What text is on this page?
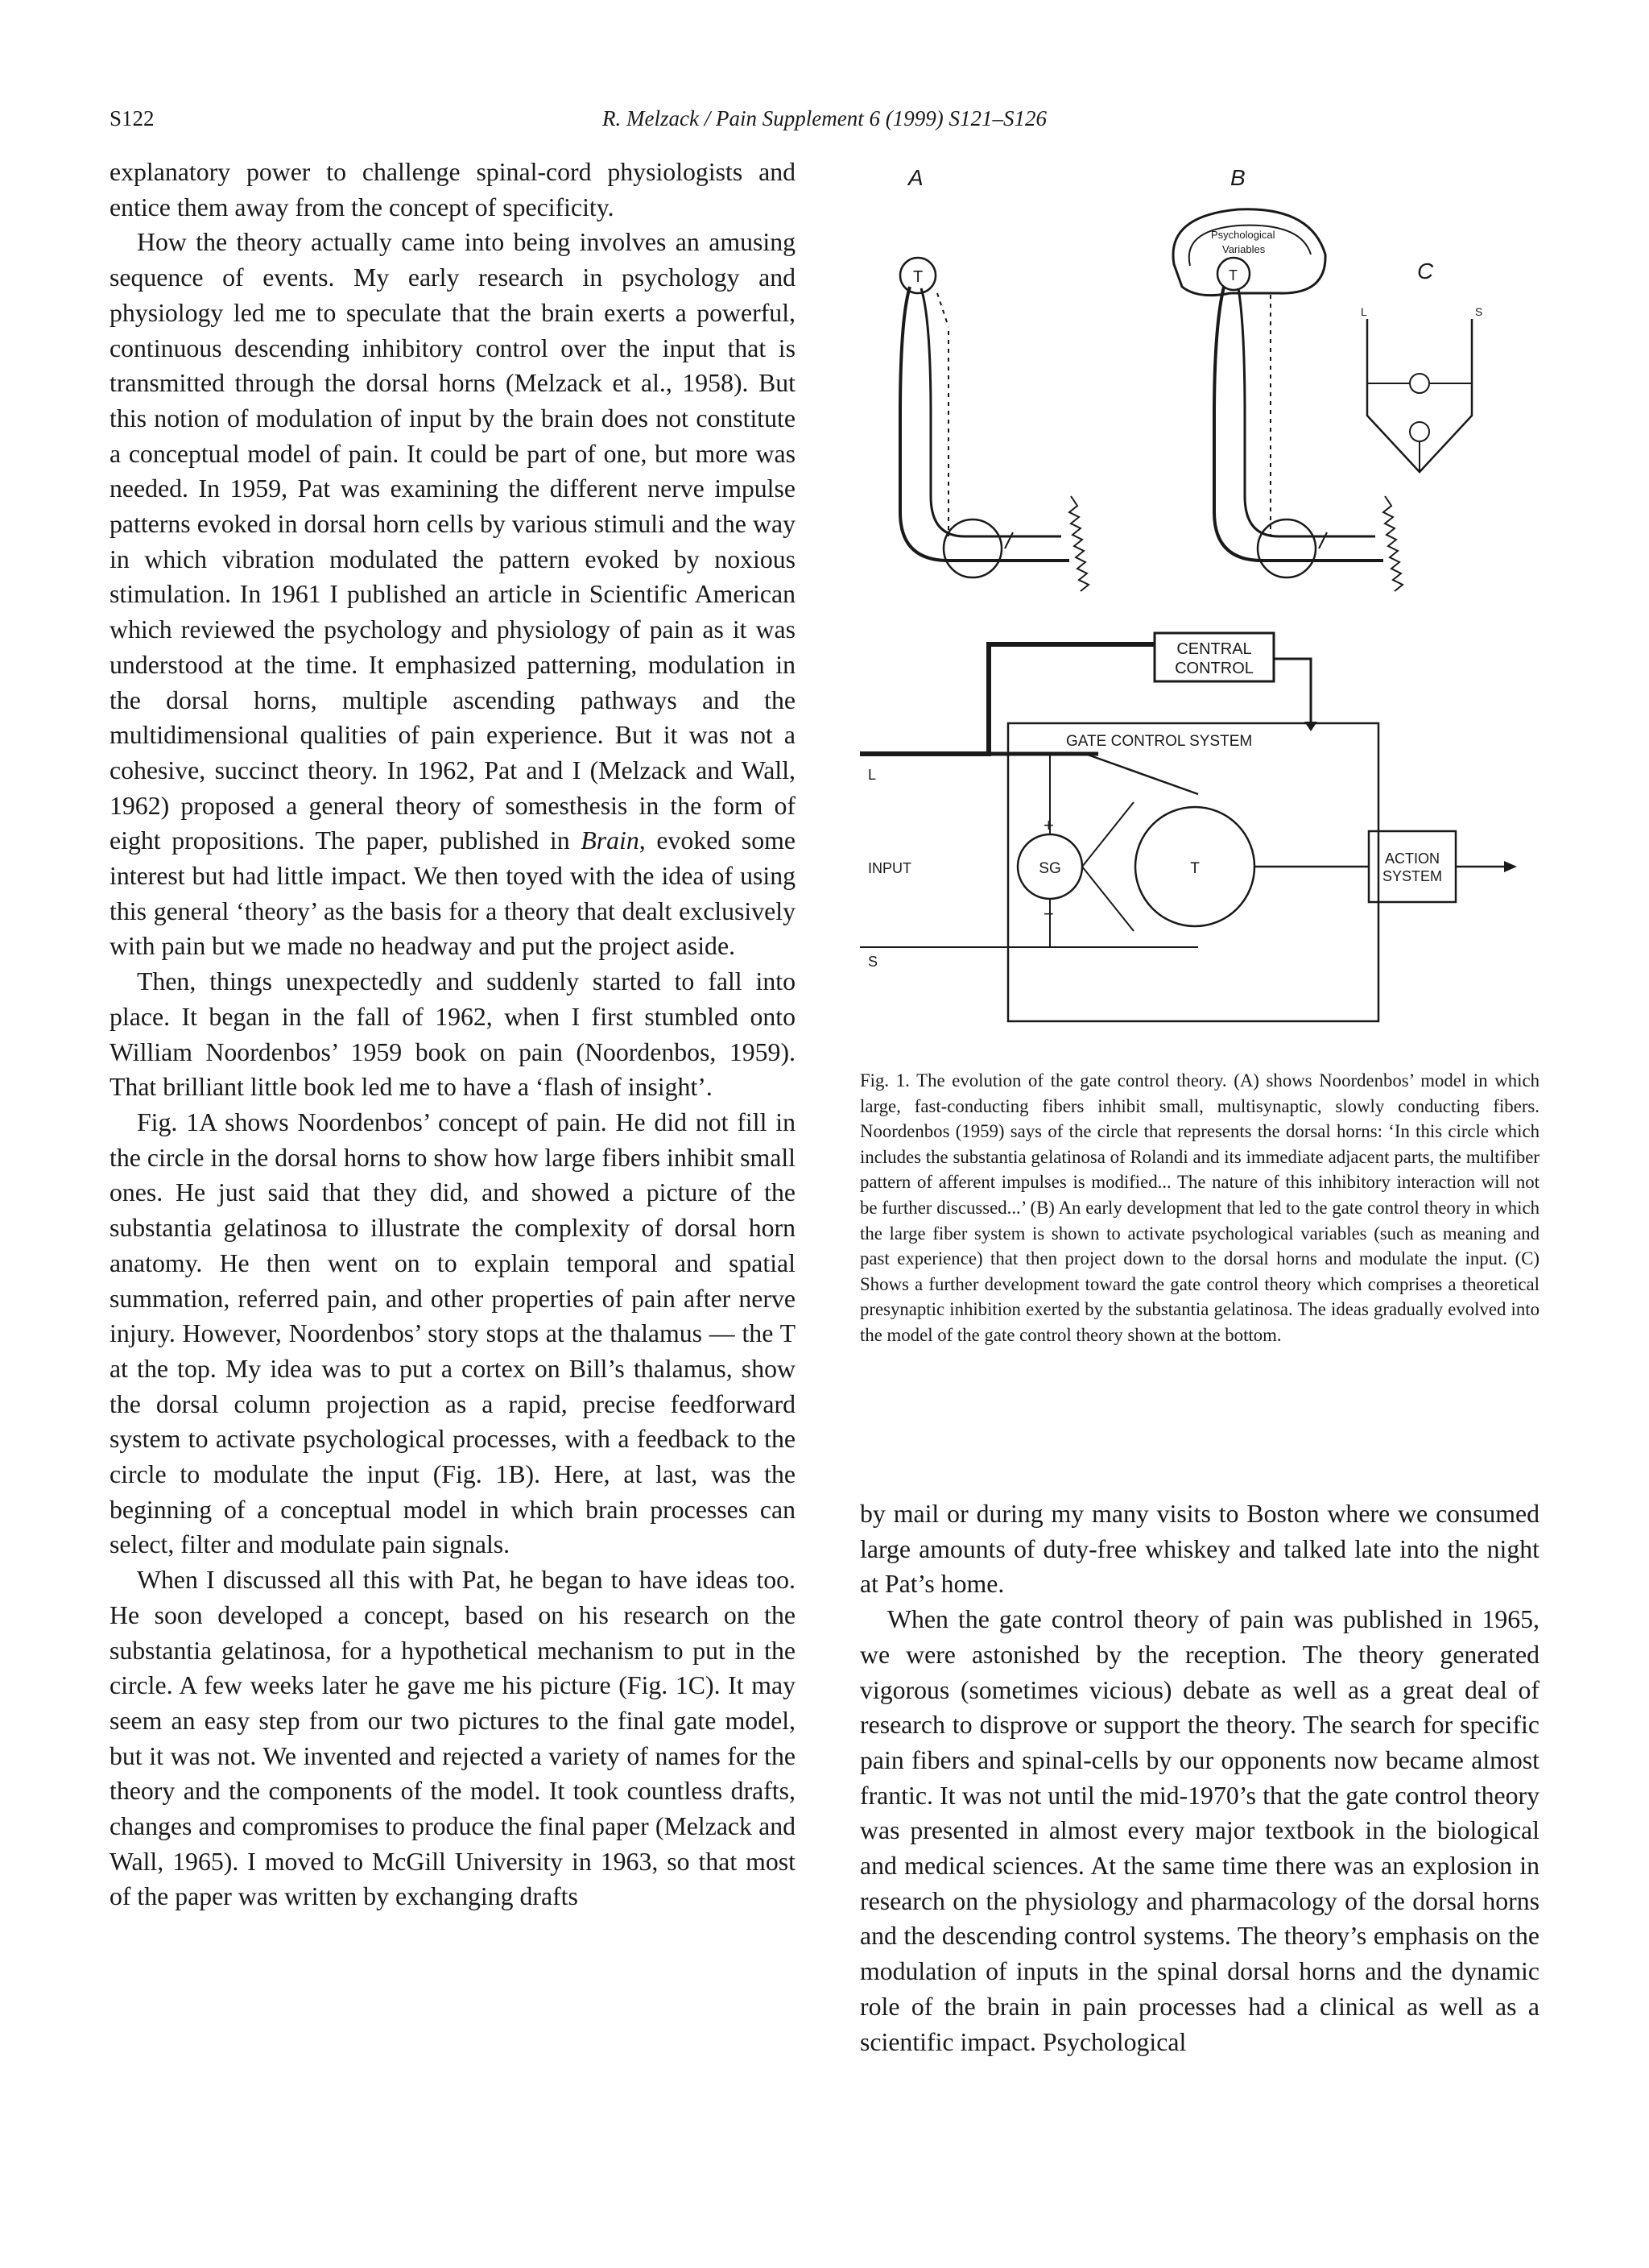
S122	R. Melzack / Pain Supplement 6 (1999) S121–S126

explanatory power to challenge spinal-cord physiologists and entice them away from the concept of specificity.

How the theory actually came into being involves an amusing sequence of events. My early research in psychology and physiology led me to speculate that the brain exerts a powerful, continuous descending inhibitory control over the input that is transmitted through the dorsal horns (Melzack et al., 1958). But this notion of modulation of input by the brain does not constitute a conceptual model of pain. It could be part of one, but more was needed. In 1959, Pat was examining the different nerve impulse patterns evoked in dorsal horn cells by various stimuli and the way in which vibration modulated the pattern evoked by noxious stimulation. In 1961 I published an article in Scientific American which reviewed the psychology and physiology of pain as it was understood at the time. It emphasized patterning, modulation in the dorsal horns, multiple ascending pathways and the multidimensional qualities of pain experience. But it was not a cohesive, succinct theory. In 1962, Pat and I (Melzack and Wall, 1962) proposed a general theory of somesthesis in the form of eight propositions. The paper, published in Brain, evoked some interest but had little impact. We then toyed with the idea of using this general ‘theory’ as the basis for a theory that dealt exclusively with pain but we made no headway and put the project aside.

Then, things unexpectedly and suddenly started to fall into place. It began in the fall of 1962, when I first stumbled onto William Noordenbos’ 1959 book on pain (Noordenbos, 1959). That brilliant little book led me to have a ‘flash of insight’.

Fig. 1A shows Noordenbos’ concept of pain. He did not fill in the circle in the dorsal horns to show how large fibers inhibit small ones. He just said that they did, and showed a picture of the substantia gelatinosa to illustrate the complexity of dorsal horn anatomy. He then went on to explain temporal and spatial summation, referred pain, and other properties of pain after nerve injury. However, Noordenbos’ story stops at the thalamus — the T at the top. My idea was to put a cortex on Bill’s thalamus, show the dorsal column projection as a rapid, precise feedforward system to activate psychological processes, with a feedback to the circle to modulate the input (Fig. 1B). Here, at last, was the beginning of a conceptual model in which brain processes can select, filter and modulate pain signals.

When I discussed all this with Pat, he began to have ideas too. He soon developed a concept, based on his research on the substantia gelatinosa, for a hypothetical mechanism to put in the circle. A few weeks later he gave me his picture (Fig. 1C). It may seem an easy step from our two pictures to the final gate model, but it was not. We invented and rejected a variety of names for the theory and the components of the model. It took countless drafts, changes and compromises to produce the final paper (Melzack and Wall, 1965). I moved to McGill University in 1963, so that most of the paper was written by exchanging drafts

A	B
C
Psychological
Variables
T	T
L	S
CENTRAL
CONTROL
GATE CONTROL SYSTEM
L
INPUT
S
+
−
SG	T
ACTION
SYSTEM
Fig. 1. The evolution of the gate control theory. (A) shows Noordenbos’ model in which large, fast-conducting fibers inhibit small, multisynaptic, slowly conducting fibers. Noordenbos (1959) says of the circle that represents the dorsal horns: ‘In this circle which includes the substantia gelatinosa of Rolandi and its immediate adjacent parts, the multifiber pattern of afferent impulses is modified... The nature of this inhibitory interaction will not be further discussed...’ (B) An early development that led to the gate control theory in which the large fiber system is shown to activate psychological variables (such as meaning and past experience) that then project down to the dorsal horns and modulate the input. (C) Shows a further development toward the gate control theory which comprises a theoretical presynaptic inhibition exerted by the substantia gelatinosa. The ideas gradually evolved into the model of the gate control theory shown at the bottom.

by mail or during my many visits to Boston where we consumed large amounts of duty-free whiskey and talked late into the night at Pat’s home.

When the gate control theory of pain was published in 1965, we were astonished by the reception. The theory generated vigorous (sometimes vicious) debate as well as a great deal of research to disprove or support the theory. The search for specific pain fibers and spinal-cells by our opponents now became almost frantic. It was not until the mid-1970’s that the gate control theory was presented in almost every major textbook in the biological and medical sciences. At the same time there was an explosion in research on the physiology and pharmacology of the dorsal horns and the descending control systems. The theory’s emphasis on the modulation of inputs in the spinal dorsal horns and the dynamic role of the brain in pain processes had a clinical as well as a scientific impact. Psychological
